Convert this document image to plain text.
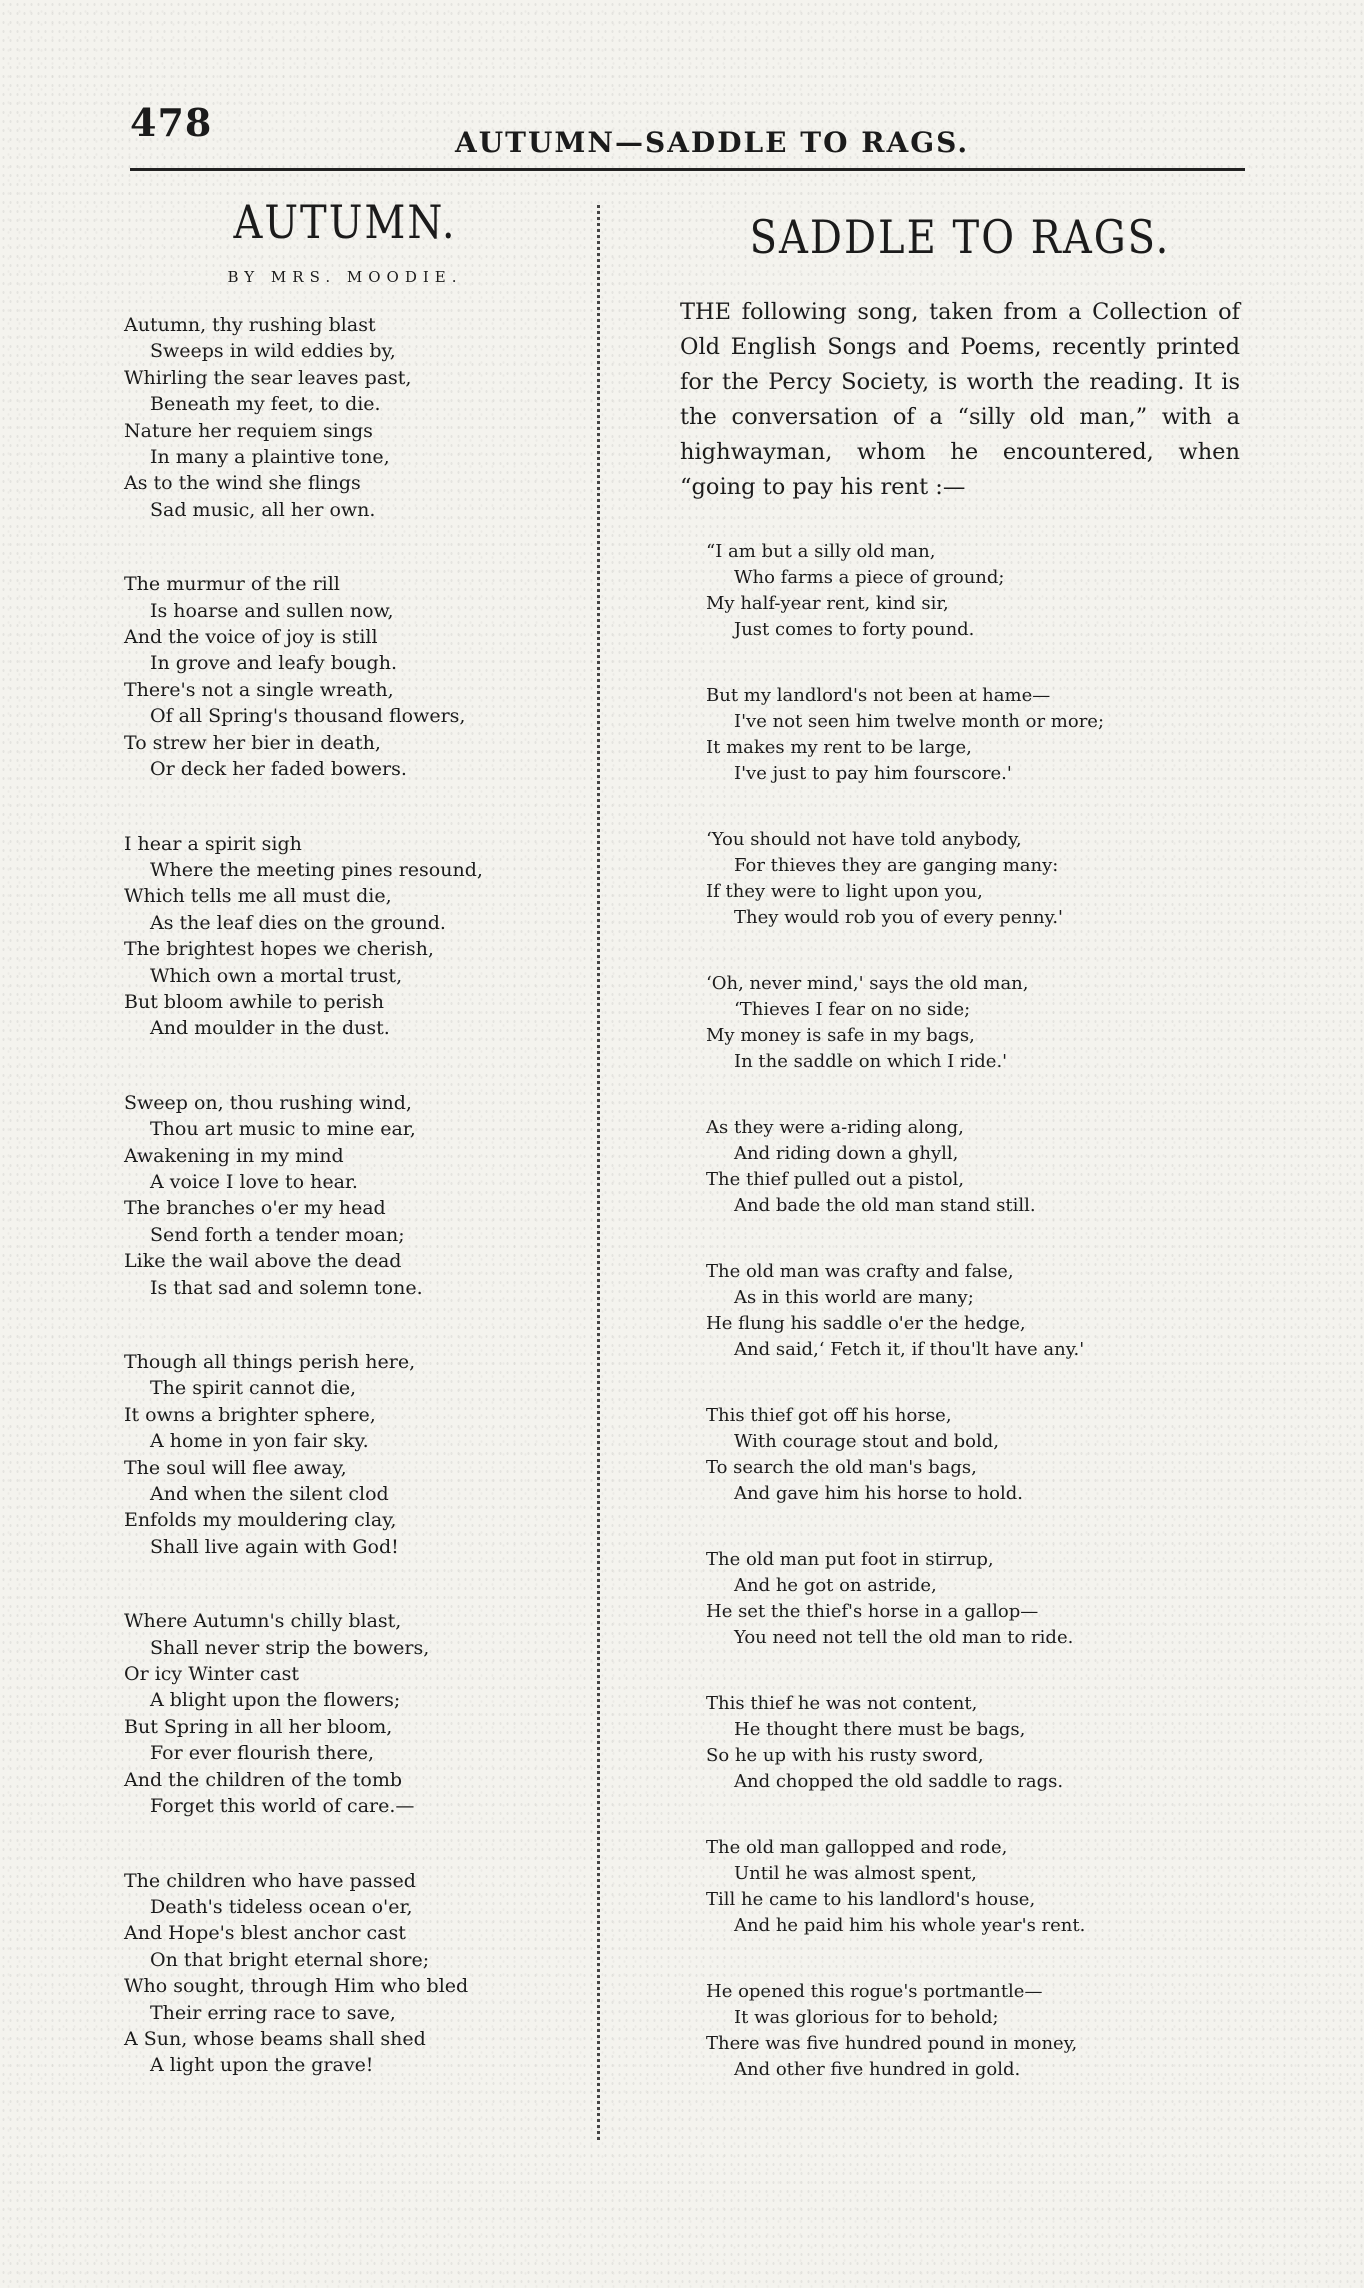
478	AUTUMN—SADDLE TO RAGS.
AUTUMN.
BY MRS. MOODIE.
Autumn, thy rushing blast
Sweeps in wild eddies by,
Whirling the sear leaves past,
Beneath my feet, to die.
Nature her requiem sings
In many a plaintive tone,
As to the wind she flings
Sad music, all her own.
The murmur of the rill
Is hoarse and sullen now,
And the voice of joy is still
In grove and leafy bough.
There's not a single wreath,
Of all Spring's thousand flowers,
To strew her bier in death,
Or deck her faded bowers.
I hear a spirit sigh
Where the meeting pines resound,
Which tells me all must die,
As the leaf dies on the ground.
The brightest hopes we cherish,
Which own a mortal trust,
But bloom awhile to perish
And moulder in the dust.
Sweep on, thou rushing wind,
Thou art music to mine ear,
Awakening in my mind
A voice I love to hear.
The branches o'er my head
Send forth a tender moan;
Like the wail above the dead
Is that sad and solemn tone.
Though all things perish here,
The spirit cannot die,
It owns a brighter sphere,
A home in yon fair sky.
The soul will flee away,
And when the silent clod
Enfolds my mouldering clay,
Shall live again with God!
Where Autumn's chilly blast,
Shall never strip the bowers,
Or icy Winter cast
A blight upon the flowers;
But Spring in all her bloom,
For ever flourish there,
And the children of the tomb
Forget this world of care.—
The children who have passed
Death's tideless ocean o'er,
And Hope's blest anchor cast
On that bright eternal shore;
Who sought, through Him who bled
Their erring race to save,
A Sun, whose beams shall shed
A light upon the grave!
SADDLE TO RAGS.

THE following song, taken from a Collection of Old English Songs and Poems, recently printed for the Percy Society, is worth the reading. It is the conversation of a “silly old man,” with a highwayman, whom he encountered, when “going to pay his rent :—

“I am but a silly old man,
Who farms a piece of ground;
My half-year rent, kind sir,
Just comes to forty pound.
But my landlord's not been at hame—
I've not seen him twelve month or more;
It makes my rent to be large,
I've just to pay him fourscore.'
‘You should not have told anybody,
For thieves they are ganging many:
If they were to light upon you,
They would rob you of every penny.'
‘Oh, never mind,' says the old man,
‘Thieves I fear on no side;
My money is safe in my bags,
In the saddle on which I ride.'
As they were a-riding along,
And riding down a ghyll,
The thief pulled out a pistol,
And bade the old man stand still.
The old man was crafty and false,
As in this world are many;
He flung his saddle o'er the hedge,
And said,‘ Fetch it, if thou'lt have any.'
This thief got off his horse,
With courage stout and bold,
To search the old man's bags,
And gave him his horse to hold.
The old man put foot in stirrup,
And he got on astride,
He set the thief's horse in a gallop—
You need not tell the old man to ride.
This thief he was not content,
He thought there must be bags,
So he up with his rusty sword,
And chopped the old saddle to rags.
The old man gallopped and rode,
Until he was almost spent,
Till he came to his landlord's house,
And he paid him his whole year's rent.
He opened this rogue's portmantle—
It was glorious for to behold;
There was five hundred pound in money,
And other five hundred in gold.
